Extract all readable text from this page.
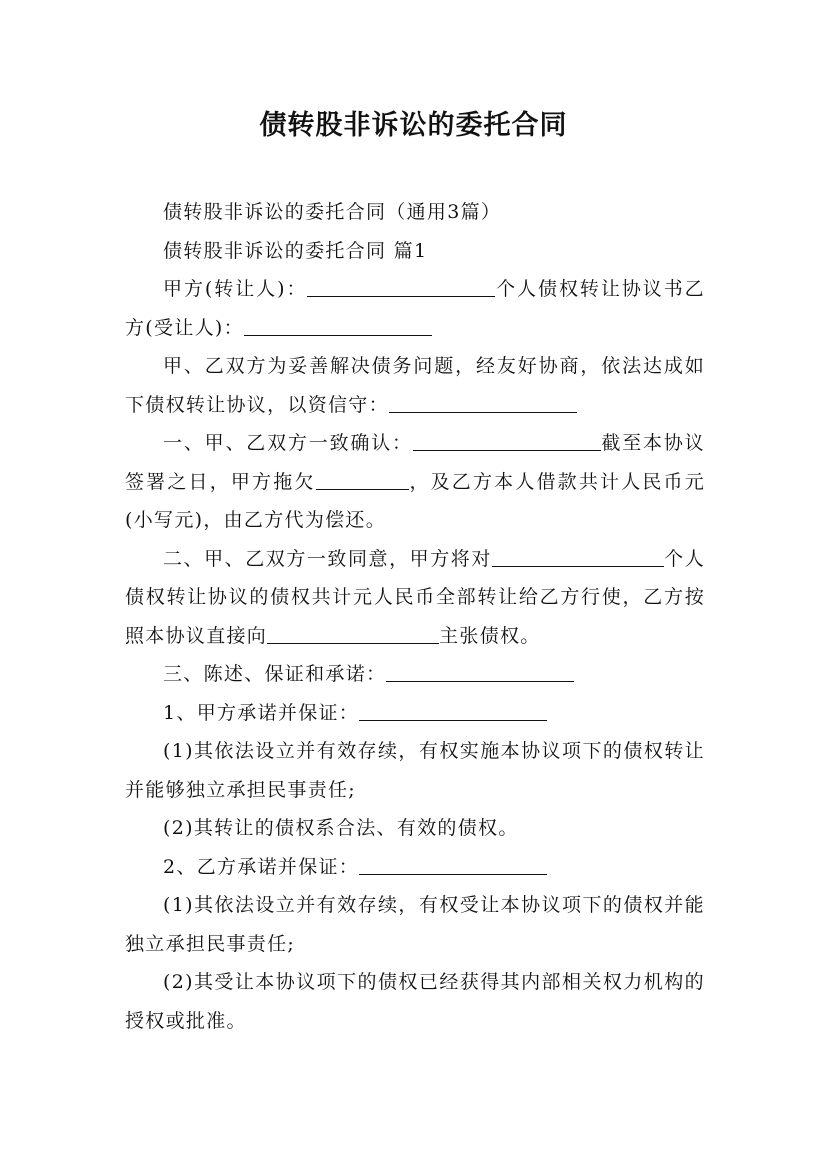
债转股非诉讼的委托合同

债转股非诉讼的委托合同（通用3篇）

债转股非诉讼的委托合同 篇1

甲方(转让人)：	个人债权转让协议书乙方(受让人)：

甲、乙双方为妥善解决债务问题，经友好协商，依法达成如下债权转让协议，以资信守：

一、甲、乙双方一致确认：	截至本协议签署之日，甲方拖欠	，及乙方本人借款共计人民币元(小写元)，由乙方代为偿还。

二、甲、乙双方一致同意，甲方将对	个人债权转让协议的债权共计元人民币全部转让给乙方行使，乙方按照本协议直接向	主张债权。

三、陈述、保证和承诺：

1、甲方承诺并保证：

(1)其依法设立并有效存续，有权实施本协议项下的债权转让并能够独立承担民事责任;

(2)其转让的债权系合法、有效的债权。

2、乙方承诺并保证：

(1)其依法设立并有效存续，有权受让本协议项下的债权并能独立承担民事责任;

(2)其受让本协议项下的债权已经获得其内部相关权力机构的授权或批准。
